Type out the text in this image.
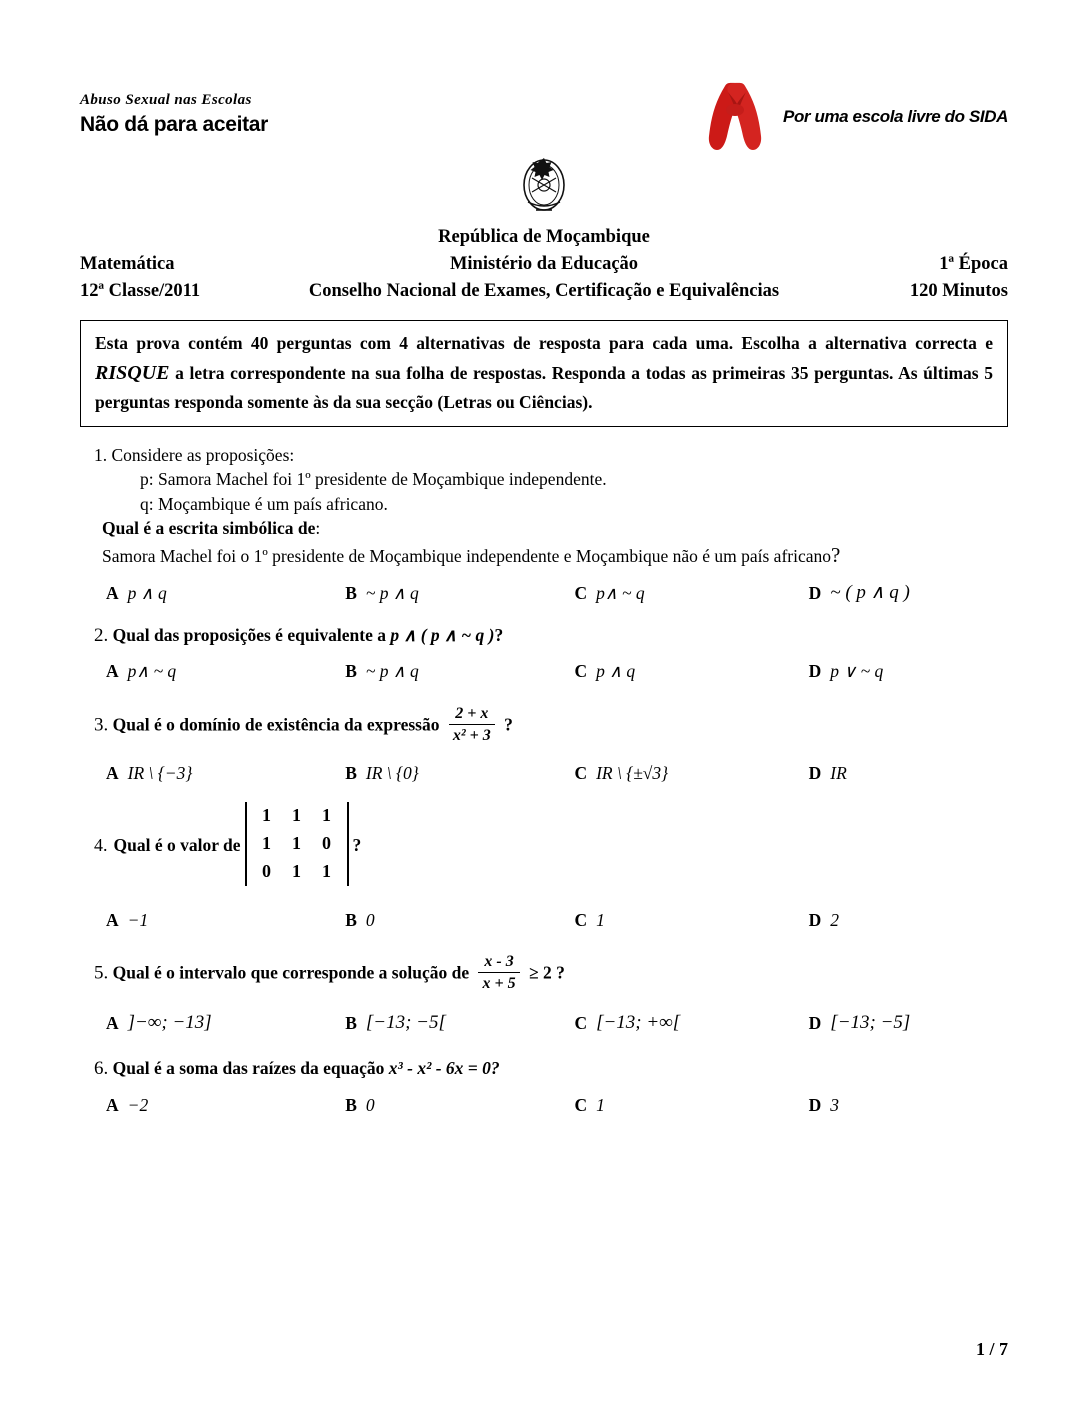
Abuso Sexual nas Escolas
Não dá para aceitar	Por uma escola livre do SIDA
República de Moçambique
Matemática	Ministério da Educação	1ª Época
12ª Classe/2011	Conselho Nacional de Exames, Certificação e Equivalências	120 Minutos
Esta prova contém 40 perguntas com 4 alternativas de resposta para cada uma. Escolha a alternativa correcta e RISQUE a letra correspondente na sua folha de respostas. Responda a todas as primeiras 35 perguntas. As últimas 5 perguntas responda somente às da sua secção (Letras ou Ciências).
1. Considere as proposições:
p: Samora Machel foi 1º presidente de Moçambique independente.
q: Moçambique é um país africano.
Qual é a escrita simbólica de:
Samora Machel foi o 1º presidente de Moçambique independente e Moçambique não é um país africano?
A p ∧ q	B ~ p ∧ q	C p∧ ~ q	D ~ ( p ∧ q )
2. Qual das proposições é equivalente a p ∧ ( p ∧ ~ q )?
A p∧ ~ q	B ~ p ∧ q	C p ∧ q	D p ∨ ~ q
3. Qual é o domínio de existência da expressão $\frac{2 + x}{\text{x² + 3}}$ ?
A IR \ {−3}	B IR \ {0}	C IR \ {±√3}	D IR
4. Qual é o valor de
1	1	1
1	1	0
0	1	1
?
A −1	B 0	C 1	D 2
5. Qual é o intervalo que corresponde a solução de $\frac{x - 3}{x + 5} \ge 2$ ?
A ]−∞; −13]	B [−13; −5[	C [−13; +∞[	D [−13; −5]
6. Qual é a soma das raízes da equação x³ - x² - 6x = 0?
A −2	B 0	C 1	D 3
1 / 7
